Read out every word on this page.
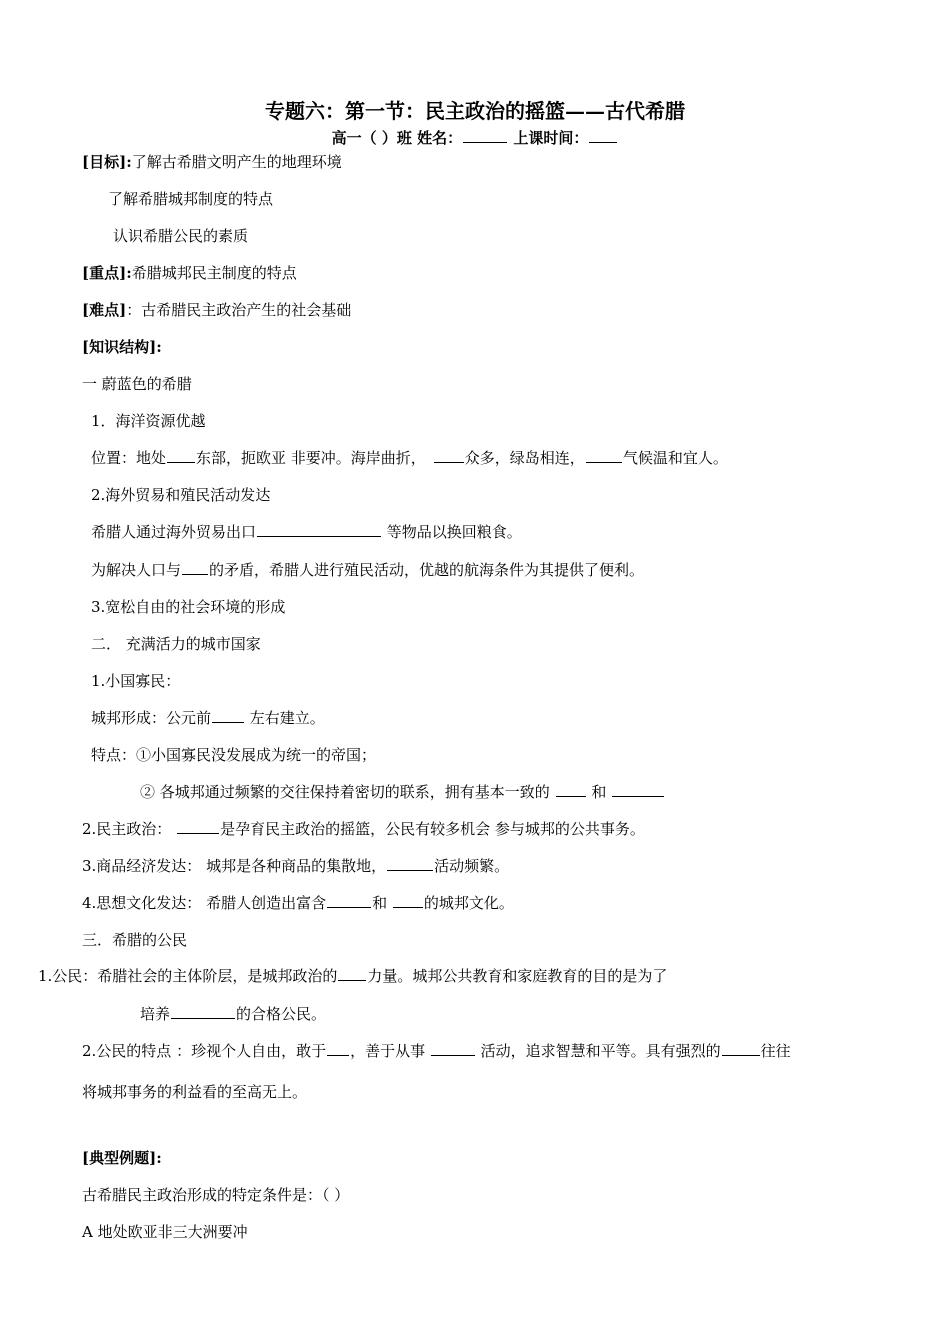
专题六：第一节：民主政治的摇篮——古代希腊
高一（ ）班 姓名：	上课时间：
[目标]:了解古希腊文明产生的地理环境
了解希腊城邦制度的特点
认识希腊公民的素质
[重点]:希腊城邦民主制度的特点
[难点]：古希腊民主政治产生的社会基础
[知识结构]:
一 蔚蓝色的希腊
1．海洋资源优越
位置：地处 东部，扼欧亚 非要冲。海岸曲折，	众多，绿岛相连，	气候温和宜人。
2.海外贸易和殖民活动发达
希腊人通过海外贸易出口	等物品以换回粮食。
为解决人口与 的矛盾，希腊人进行殖民活动，优越的航海条件为其提供了便利。
3.宽松自由的社会环境的形成
二． 充满活力的城市国家
1.小国寡民：
城邦形成：公元前 左右建立。
特点：①小国寡民没发展成为统一的帝国；
② 各城邦通过频繁的交往保持着密切的联系，拥有基本一致的  和
2.民主政治：	是孕育民主政治的摇篮，公民有较多机会 参与城邦的公共事务。
3.商品经济发达： 城邦是各种商品的集散地，	活动频繁。
4.思想文化发达： 希腊人创造出富含	和 的城邦文化。
三．希腊的公民
1.公民：希腊社会的主体阶层，是城邦政治的 力量。城邦公共教育和家庭教育的目的是为了
培养	的合格公民。
2.公民的特点 ：珍视个人自由，敢于 ，善于从事	活动，追求智慧和平等。具有强烈的	往往
将城邦事务的利益看的至高无上。
[典型例题]:
古希腊民主政治形成的特定条件是：（ ）
A 地处欧亚非三大洲要冲
